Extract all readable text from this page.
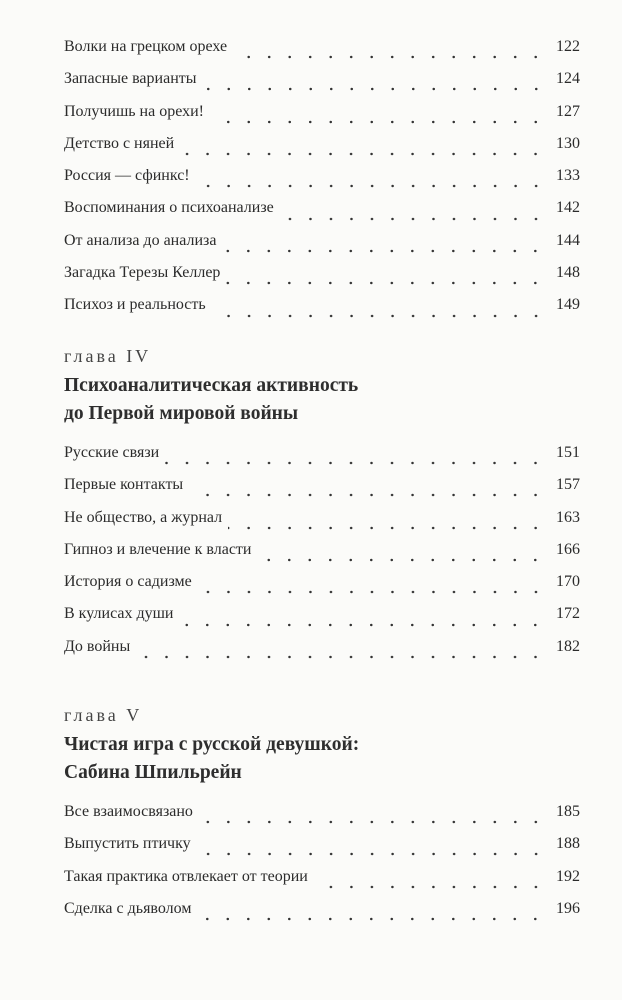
Волки на грецком орехе	122
Запасные варианты	124
Получишь на орехи!	127
Детство с няней	130
Россия — сфинкс!	133
Воспоминания о психоанализе	142
От анализа до анализа	144
Загадка Терезы Келлер	148
Психоз и реальность	149
глава IV
Психоаналитическая активность
до Первой мировой войны
Русские связи	151
Первые контакты	157
Не общество, а журнал	163
Гипноз и влечение к власти	166
История о садизме	170
В кулисах души	172
До войны	182
глава V
Чистая игра с русской девушкой:
Сабина Шпильрейн
Все взаимосвязано	185
Выпустить птичку	188
Такая практика отвлекает от теории	192
Сделка с дьяволом	196
